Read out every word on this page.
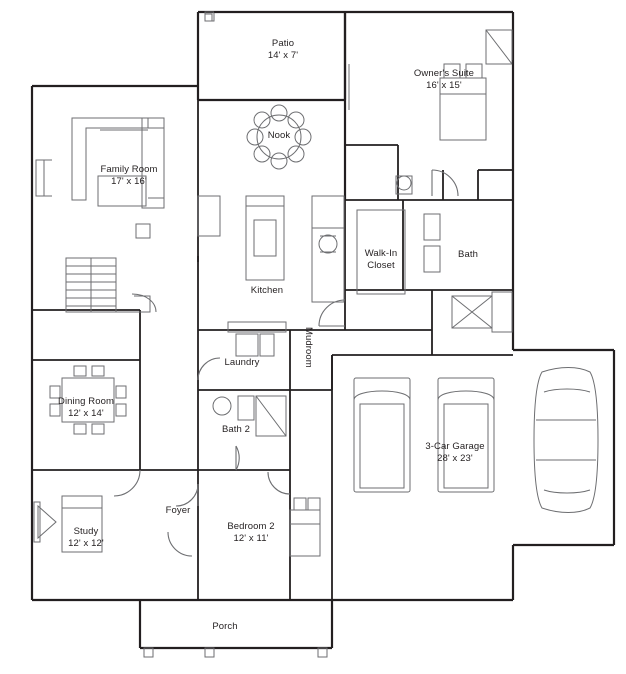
Patio
14' x 7'
Owner's Suite
16' x 15'
Nook
Family Room
17' x 16'
Walk-In
Closet
Bath
Kitchen
Laundry	Mudroom
Dining Room
12' x 14'
Bath 2
3-Car Garage
28' x 23'
Foyer
Bedroom 2
12' x 11'
Study
12' x 12'
Porch
